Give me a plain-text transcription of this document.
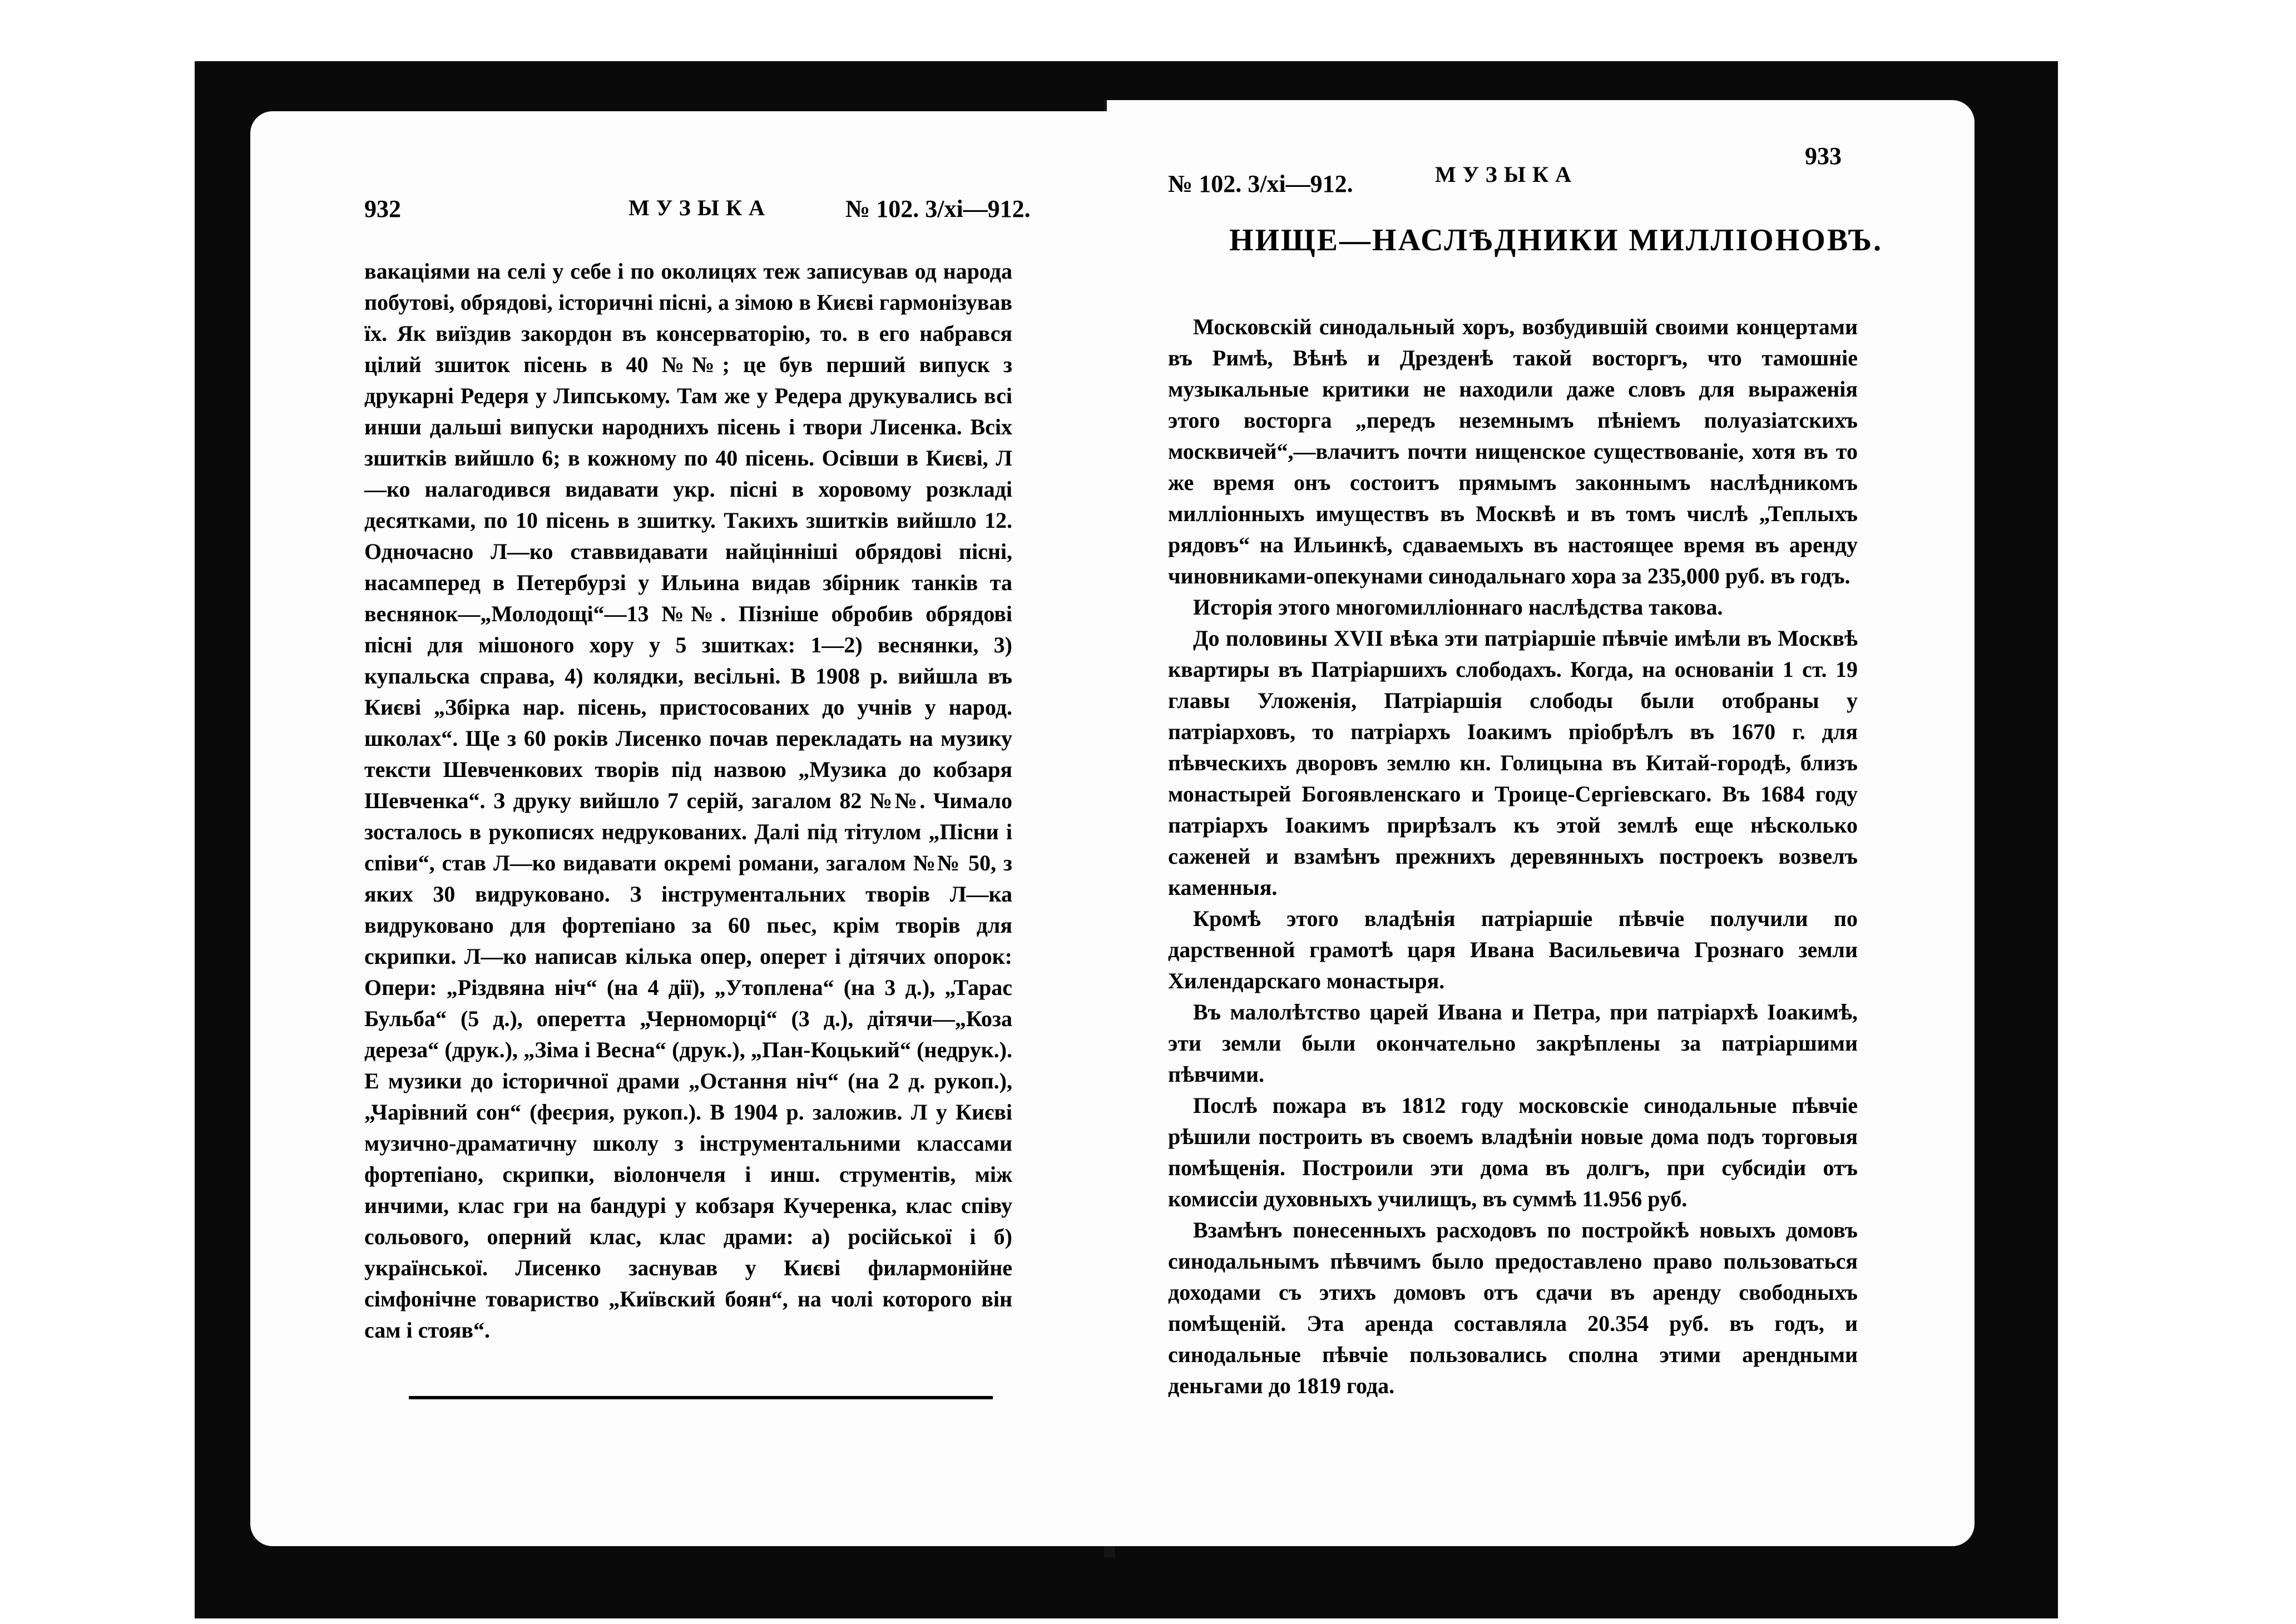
932	МУЗЫКА	№ 102. 3/хі—912.

вакаціями на селі у себе і по околицях теж записував од народа побутові, обрядові, історичні пісні, а зімою в Києві гармонізував їх. Як виїздив закордон въ консерваторію, то. в его набрався цілий зшиток пісень в 40 №№; це був перший випуск з друкарні Редеря у Липському. Там же у Редера друкувались всі инши дальші випуски народнихъ пісень і твори Лисенка. Всіх зшитків вийшло 6; в кожному по 40 пісень. Осівши в Києві, Л—ко налагодився видавати укр. пісні в хоровому розкладі десятками, по 10 пісень в зшитку. Такихъ зшитків вийшло 12. Одночасно Л—ко ставвидавати найцінніші обрядові пісні, насамперед в Петербурзі у Ильина видав збірник танків та веснянок—„Молодощі“—13 №№. Пізніше обробив обрядові пісні для мішоного хору у 5 зшитках: 1—2) веснянки, 3) купальска справа, 4) колядки, весільні. В 1908 р. вийшла въ Києві „Збірка нар. пісень, пристосованих до учнів у народ. школах“. Ще з 60 років Лисенко почав перекладать на музику тексти Шевченкових творів під назвою „Музика до кобзаря Шевченка“. З друку вийшло 7 серій, загалом 82 №№. Чимало зосталось в рукописях недрукованих. Далі під тітулом „Пісни і співи“, став Л—ко видавати окремі романи, загалом №№ 50, з яких 30 видруковано. З інструментальних творів Л—ка видруковано для фортепіано за 60 пьес, крім творів для скрипки. Л—ко написав кілька опер, оперет і дітячих опорок: Опери: „Різдвяна ніч“ (на 4 дії), „Утоплена“ (на 3 д.), „Тарас Бульба“ (5 д.), оперетта „Черноморці“ (3 д.), дітячи—„Коза дереза“ (друк.), „Зіма і Весна“ (друк.), „Пан-Коцький“ (недрук.). Е музики до історичної драми „Остання ніч“ (на 2 д. рукоп.), „Чарівний сон“ (феєрия, рукоп.). В 1904 р. заложив. Л у Києві музично-драматичну школу з інструментальними классами фортепіано, скрипки, віолончеля і инш. струментів, між инчими, клас гри на бандурі у кобзаря Кучеренка, клас співу сольового, оперний клас, клас драми: а) російської і б) української. Лисенко заснував у Києві филармонійне сімфонічне товариство „Київский боян“, на чолі которого він сам і стояв“.

№ 102. 3/хі—912.	МУЗЫКА
933
НИЩЕ—НАСЛѢДНИКИ МИЛЛІОНОВЪ.

Московскій синодальный хоръ, возбудившій своими концертами въ Римѣ, Вѣнѣ и Дрезденѣ такой восторгъ, что тамошніе музыкальные критики не находили даже словъ для выраженія этого восторга „передъ неземнымъ пѣніемъ полуазіатскихъ москвичей“,—влачитъ почти нищенское существованіе, хотя въ то же время онъ состоитъ прямымъ законнымъ наслѣдникомъ милліонныхъ имуществъ въ Москвѣ и въ томъ числѣ „Теплыхъ рядовъ“ на Ильинкѣ, сдаваемыхъ въ настоящее время въ аренду чиновниками-опекунами синодальнаго хора за 235,000 руб. въ годъ.

Исторія этого многомилліоннаго наслѣдства такова.

До половины XVII вѣка эти патріаршіе пѣвчіе имѣли въ Москвѣ квартиры въ Патріаршихъ слободахъ. Когда, на основаніи 1 ст. 19 главы Уложенія, Патріаршія слободы были отобраны у патріарховъ, то патріархъ Іоакимъ пріобрѣлъ въ 1670 г. для пѣвческихъ дворовъ землю кн. Голицына въ Китай-городѣ, близъ монастырей Богоявленскаго и Троице-Сергіевскаго. Въ 1684 году патріархъ Іоакимъ прирѣзалъ къ этой землѣ еще нѣсколько саженей и взамѣнъ прежнихъ деревянныхъ построекъ возвелъ каменныя.

Кромѣ этого владѣнія патріаршіе пѣвчіе получили по дарственной грамотѣ царя Ивана Васильевича Грознаго земли Хилендарскаго монастыря.

Въ малолѣтство царей Ивана и Петра, при патріархѣ Іоакимѣ, эти земли были окончательно закрѣплены за патріаршими пѣвчими.

Послѣ пожара въ 1812 году московскіе синодальные пѣвчіе рѣшили построить въ своемъ владѣніи новые дома подъ торговыя помѣщенія. Построили эти дома въ долгъ, при субсидіи отъ комиссіи духовныхъ училищъ, въ суммѣ 11.956 руб.

Взамѣнъ понесенныхъ расходовъ по постройкѣ новыхъ домовъ синодальнымъ пѣвчимъ было предоставлено право пользоваться доходами съ этихъ домовъ отъ сдачи въ аренду свободныхъ помѣщеній. Эта аренда составляла 20.354 руб. въ годъ, и синодальные пѣвчіе пользовались сполна этими арендными деньгами до 1819 года.
